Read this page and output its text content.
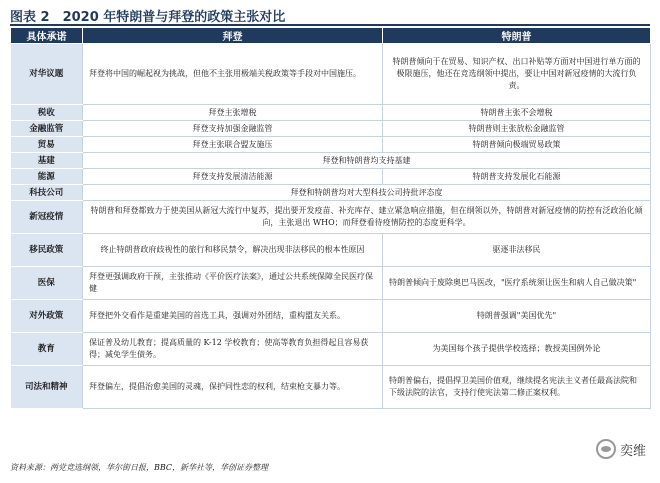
图表 2　2020 年特朗普与拜登的政策主张对比
具体承诺	拜登	特朗普
对华议题	拜登将中国的崛起视为挑战，但他不主张用极端关税政策等手段对中国施压。	特朗普倾向于在贸易、知识产权、出口补贴等方面对中国进行单方面的极限施压，他还在竞选纲领中提出，要让中国对新冠疫情的大流行负责。
税收	拜登主张增税	特朗普主张不会增税
金融监管	拜登支持加强金融监管	特朗普则主张放松金融监管
贸易	拜登主张联合盟友施压	特朗普倾向极端贸易政策
基建	拜登和特朗普均支持基建	
能源	拜登支持发展清洁能源	特朗普支持发展化石能源
科技公司	拜登和特朗普均对大型科技公司持批评态度	
新冠疫情	特朗普和拜登都致力于使美国从新冠大流行中复苏，提出要开发疫苗、补充库存、建立紧急响应措施，但在纲领以外，特朗普对新冠疫情的防控有泛政治化倾向，主张退出 WHO；而拜登看待疫情防控的态度更科学。	
移民政策	终止特朗普政府歧视性的旅行和移民禁令，解决出现非法移民的根本性原因	驱逐非法移民
医保	拜登更强调政府干预，主张推动《平价医疗法案》，通过公共系统保障全民医疗保健	特朗普倾向于废除奥巴马医改，"医疗系统须让医生和病人自己做决策"
对外政策	拜登把外交看作是重建美国的首选工具，强调对外团结，重构盟友关系。	特朗普强调"美国优先"
教育	保证普及幼儿教育；提高质量的 K-12 学校教育；使高等教育负担得起且容易获得；减免学生债务。	为美国每个孩子提供学校选择；教授美国例外论
司法和精神	拜登偏左，提倡治愈美国的灵魂，保护同性恋的权利，结束枪支暴力等。	特朗普偏右，提倡捍卫美国价值观，继续提名宪法主义者任最高法院和下级法院的法官，支持行使宪法第二修正案权利。
资料来源：两党竞选纲领，华尔街日报，BBC，新华社等，华创证券整理
奕维
